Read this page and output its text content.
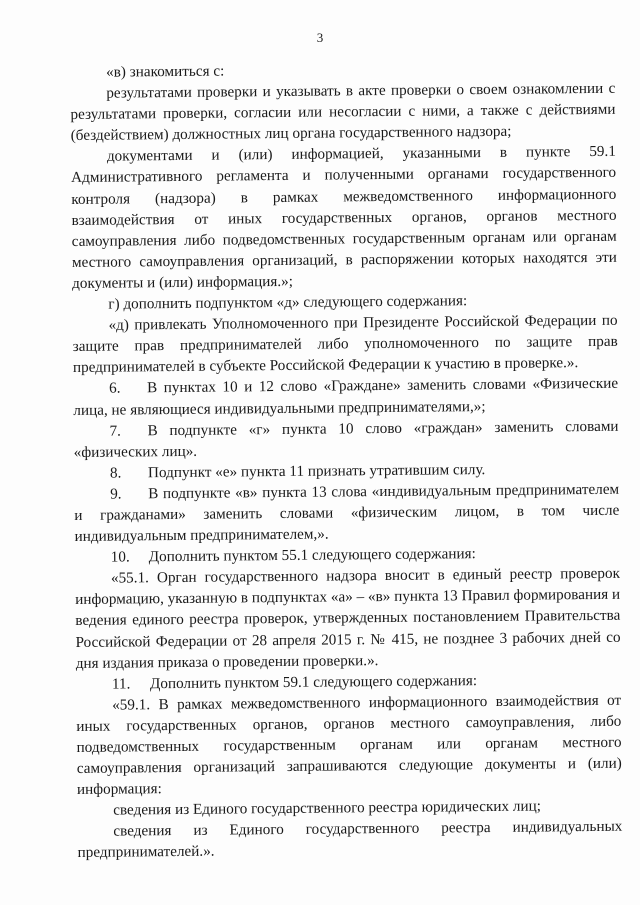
3

«в) знакомиться с:

результатами проверки и указывать в акте проверки о своем ознакомлении с результатами проверки, согласии или несогласии с ними, а также с действиями (бездействием) должностных лиц органа государственного надзора;

документами и (или) информацией, указанными в пункте 59.1 Административного регламента и полученными органами государственного контроля (надзора) в рамках межведомственного информационного взаимодействия от иных государственных органов, органов местного самоуправления либо подведомственных государственным органам или органам местного самоуправления организаций, в распоряжении которых находятся эти документы и (или) информация.»;

г) дополнить подпунктом «д» следующего содержания:

«д) привлекать Уполномоченного при Президенте Российской Федерации по защите прав предпринимателей либо уполномоченного по защите прав предпринимателей в субъекте Российской Федерации к участию в проверке.».

6. В пунктах 10 и 12 слово «Граждане» заменить словами «Физические лица, не являющиеся индивидуальными предпринимателями,»;

7. В подпункте «г» пункта 10 слово «граждан» заменить словами «физических лиц».

8. Подпункт «е» пункта 11 признать утратившим силу.

9. В подпункте «в» пункта 13 слова «индивидуальным предпринимателем и гражданами» заменить словами «физическим лицом, в том числе индивидуальным предпринимателем,».

10. Дополнить пунктом 55.1 следующего содержания:

«55.1. Орган государственного надзора вносит в единый реестр проверок информацию, указанную в подпунктах «а» – «в» пункта 13 Правил формирования и ведения единого реестра проверок, утвержденных постановлением Правительства Российской Федерации от 28 апреля 2015 г. № 415, не позднее 3 рабочих дней со дня издания приказа о проведении проверки.».

11. Дополнить пунктом 59.1 следующего содержания:

«59.1. В рамках межведомственного информационного взаимодействия от иных государственных органов, органов местного самоуправления, либо подведомственных государственным органам или органам местного самоуправления организаций запрашиваются следующие документы и (или) информация:

сведения из Единого государственного реестра юридических лиц;

сведения из Единого государственного реестра индивидуальных предпринимателей.».
